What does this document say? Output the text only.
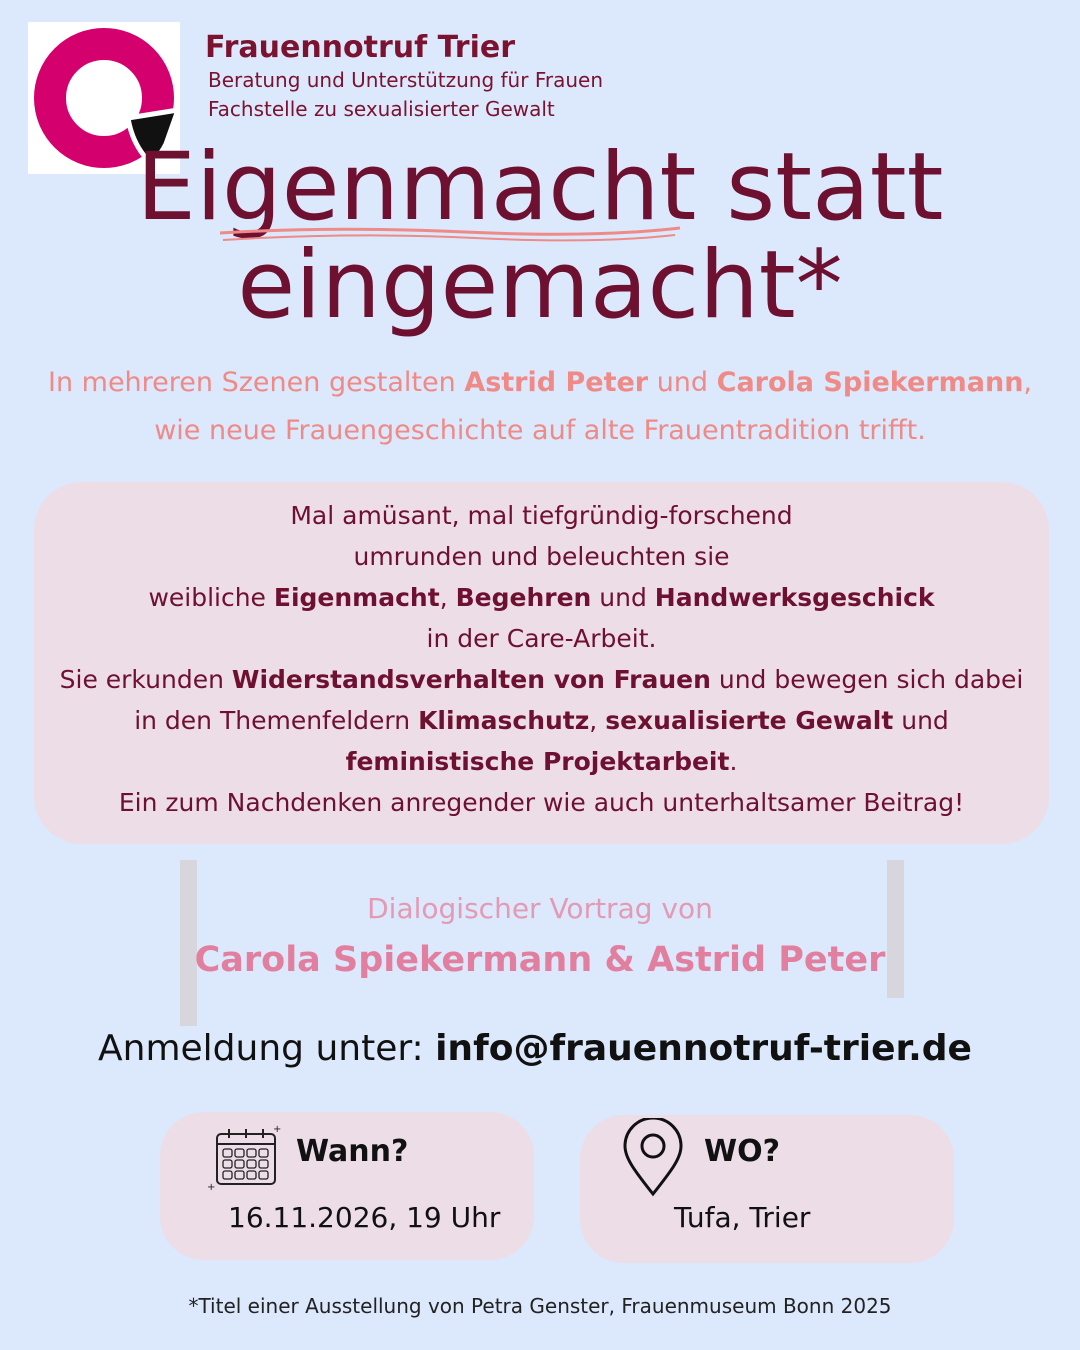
Frauennotruf Trier
Beratung und Unterstützung für Frauen
Fachstelle zu sexualisierter Gewalt
Eigenmacht statt
eingemacht*
In mehreren Szenen gestalten Astrid Peter und Carola Spiekermann,
wie neue Frauengeschichte auf alte Frauentradition trifft.
Mal amüsant, mal tiefgründig-forschend
umrunden und beleuchten sie
weibliche Eigenmacht, Begehren und Handwerksgeschick
in der Care-Arbeit.
Sie erkunden Widerstandsverhalten von Frauen und bewegen sich dabei
in den Themenfeldern Klimaschutz, sexualisierte Gewalt und
feministische Projektarbeit.
Ein zum Nachdenken anregender wie auch unterhaltsamer Beitrag!
Dialogischer Vortrag von
Carola Spiekermann & Astrid Peter
Anmeldung unter: info@frauennotruf-trier.de
+
+
Wann?
16.11.2026, 19 Uhr
WO?
Tufa, Trier
*Titel einer Ausstellung von Petra Genster, Frauenmuseum Bonn 2025
